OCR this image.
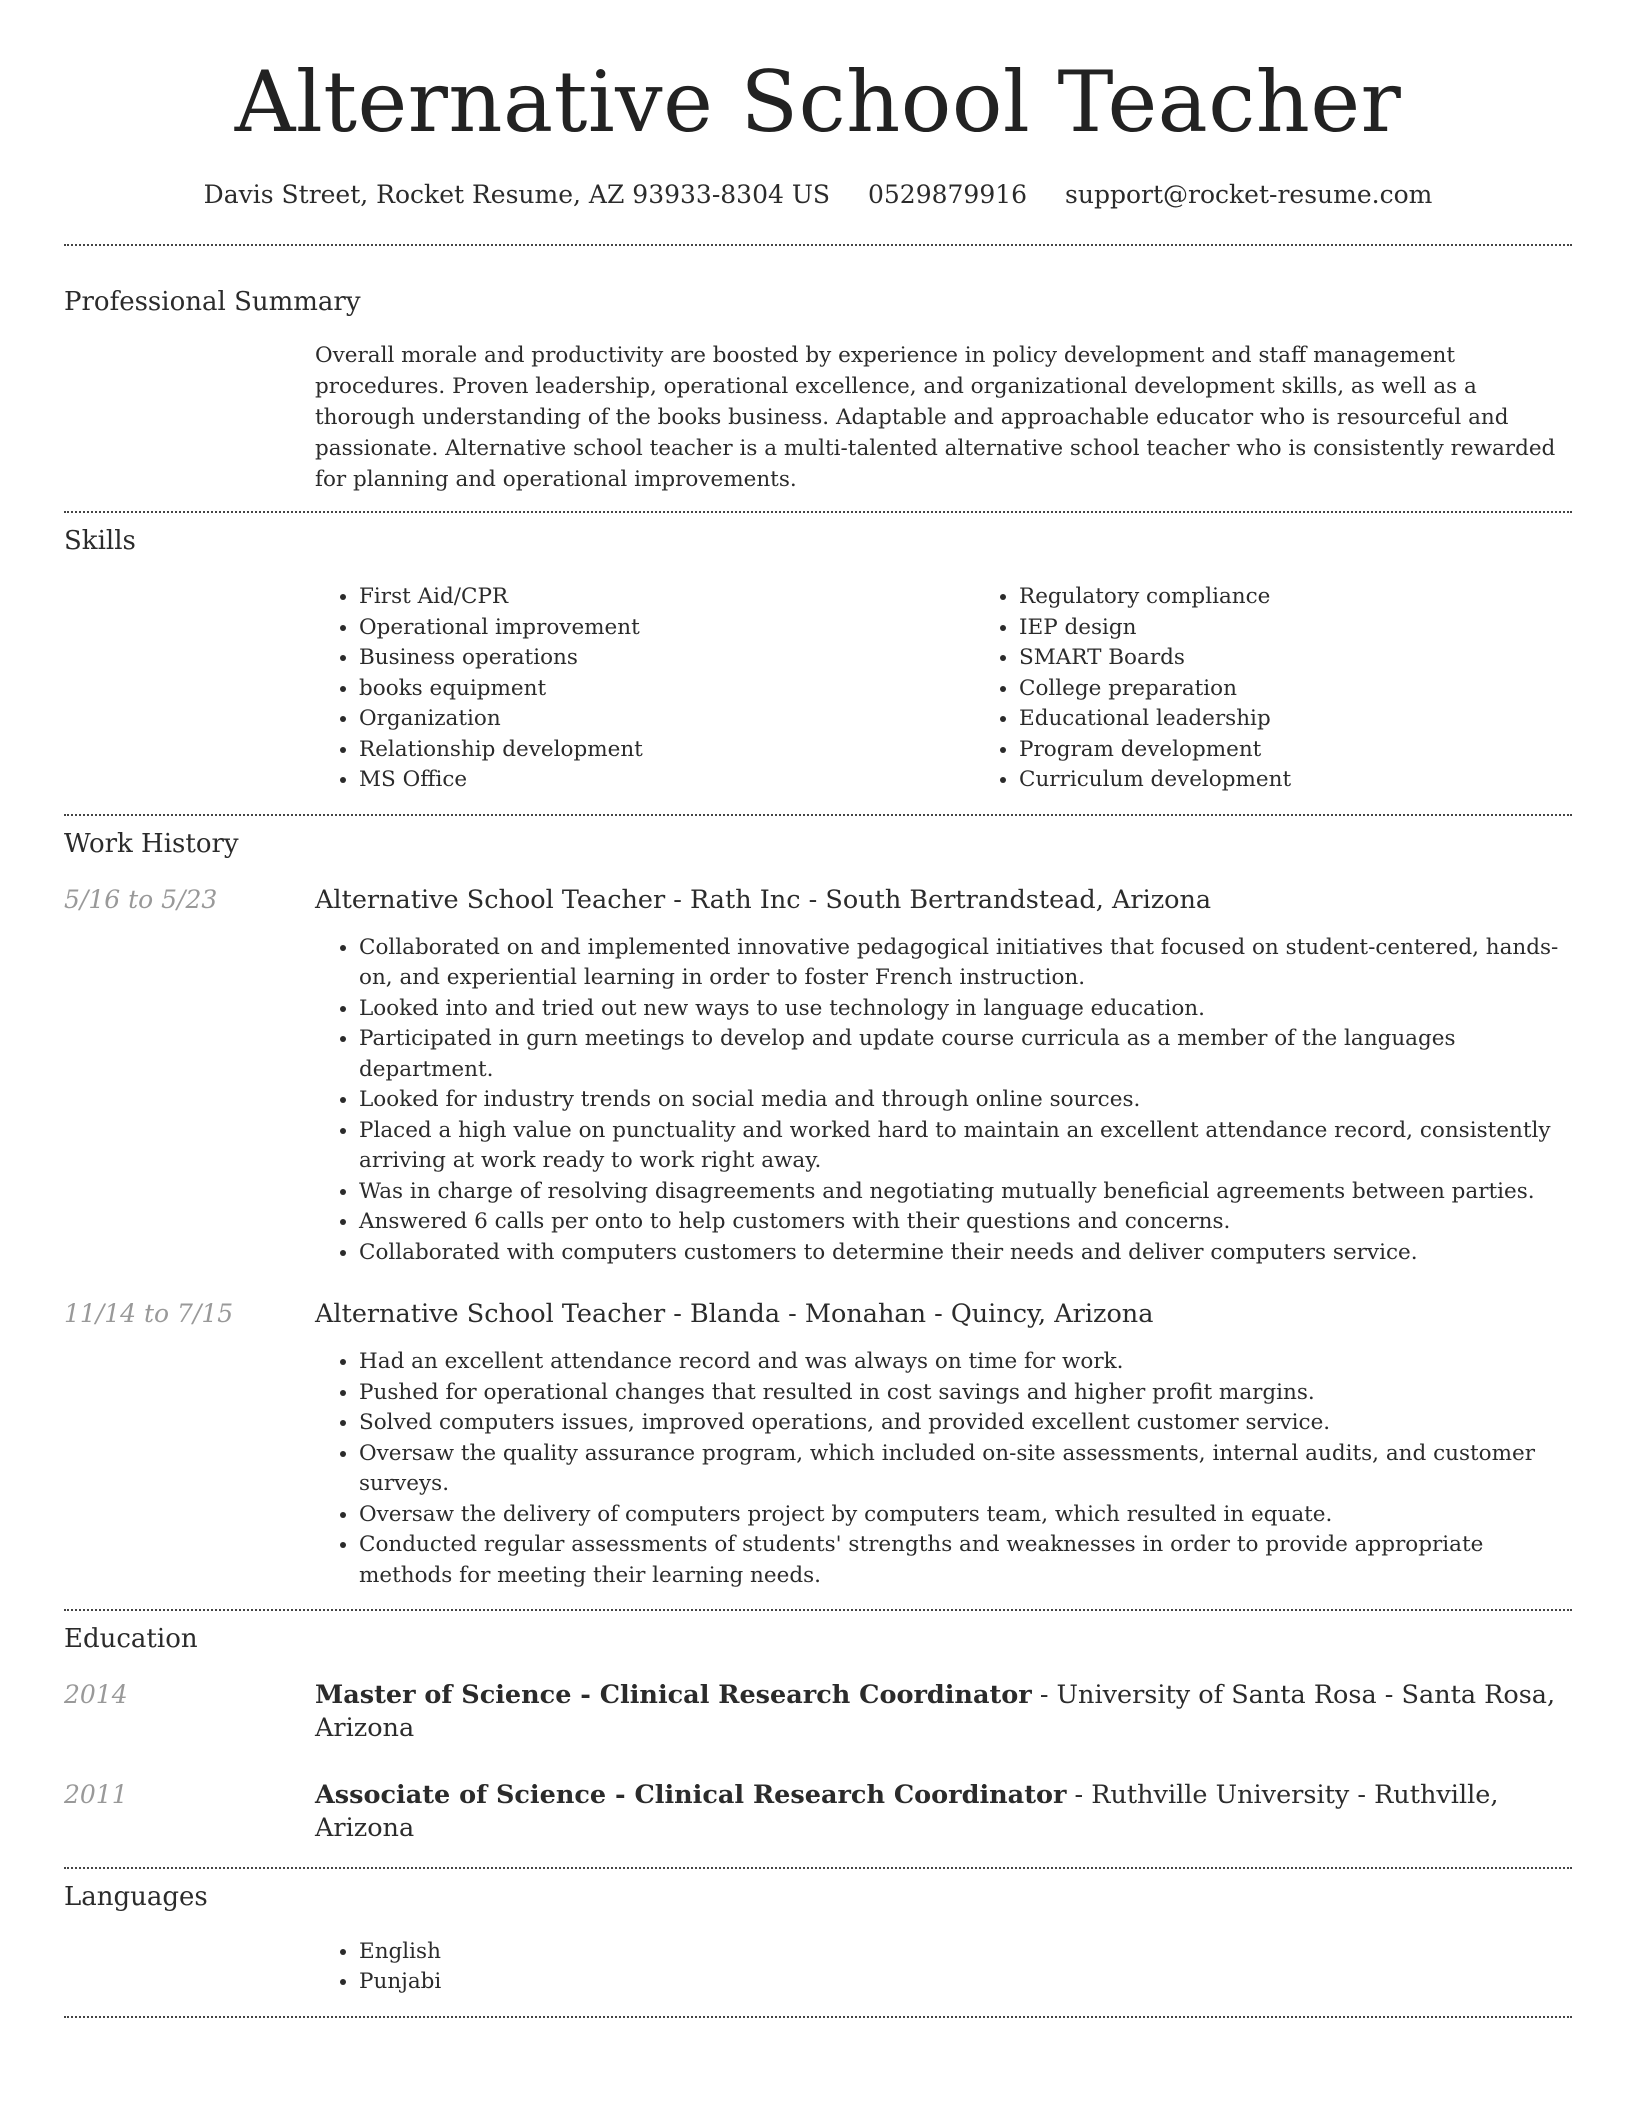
Alternative School Teacher
Davis Street, Rocket Resume, AZ 93933-8304 US 0529879916 support@rocket-resume.com
Professional Summary

Overall morale and productivity are boosted by experience in policy development and staff management procedures. Proven leadership, operational excellence, and organizational development skills, as well as a thorough understanding of the books business. Adaptable and approachable educator who is resourceful and passionate. Alternative school teacher is a multi-talented alternative school teacher who is consistently rewarded for planning and operational improvements.

Skills
• First Aid/CPR
• Operational improvement
• Business operations
• books equipment
• Organization
• Relationship development
• MS Office
• Regulatory compliance
• IEP design
• SMART Boards
• College preparation
• Educational leadership
• Program development
• Curriculum development
Work History
5/16 to 5/23	Alternative School Teacher - Rath Inc - South Bertrandstead, Arizona
• Collaborated on and implemented innovative pedagogical initiatives that focused on student-centered, hands-on, and experiential learning in order to foster French instruction.
• Looked into and tried out new ways to use technology in language education.
• Participated in gurn meetings to develop and update course curricula as a member of the languages department.
• Looked for industry trends on social media and through online sources.
• Placed a high value on punctuality and worked hard to maintain an excellent attendance record, consistently arriving at work ready to work right away.
• Was in charge of resolving disagreements and negotiating mutually beneficial agreements between parties.
• Answered 6 calls per onto to help customers with their questions and concerns.
• Collaborated with computers customers to determine their needs and deliver computers service.
11/14 to 7/15	Alternative School Teacher - Blanda - Monahan - Quincy, Arizona
• Had an excellent attendance record and was always on time for work.
• Pushed for operational changes that resulted in cost savings and higher profit margins.
• Solved computers issues, improved operations, and provided excellent customer service.
• Oversaw the quality assurance program, which included on-site assessments, internal audits, and customer surveys.
• Oversaw the delivery of computers project by computers team, which resulted in equate.
• Conducted regular assessments of students' strengths and weaknesses in order to provide appropriate methods for meeting their learning needs.
Education
2014	Master of Science - Clinical Research Coordinator - University of Santa Rosa - Santa Rosa, Arizona
2011	Associate of Science - Clinical Research Coordinator - Ruthville University - Ruthville, Arizona
Languages
• English
• Punjabi
